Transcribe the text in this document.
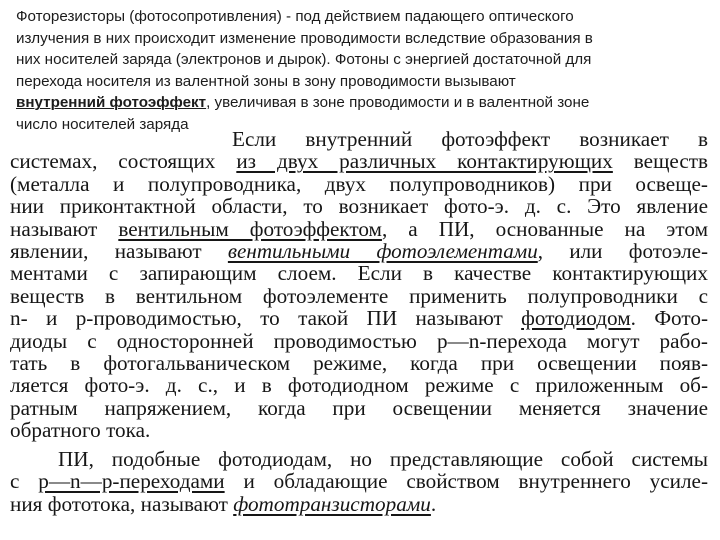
Фоторезисторы (фотосопротивления) - под действием падающего оптического
излучения в них происходит изменение проводимости вследствие образования в
них носителей заряда (электронов и дырок). Фотоны с энергией достаточной для
перехода носителя из валентной зоны в зону проводимости вызывают
внутренний фотоэффект, увеличивая в зоне проводимости и в валентной зоне
число носителей заряда
Если внутренний фотоэффект возникает в
системах, состоящих из двух различных контактирующих веществ
(металла и полупроводника, двух полупроводников) при освеще-
нии приконтактной области, то возникает фото-э. д. с. Это явление
называют вентильным фотоэффектом, а ПИ, основанные на этом
явлении, называют вентильными фотоэлементами, или фотоэле-
ментами с запирающим слоем. Если в качестве контактирующих
веществ в вентильном фотоэлементе применить полупроводники с
n- и p-проводимостью, то такой ПИ называют фотодиодом. Фото-
диоды с односторонней проводимостью p—n-перехода могут рабо-
тать в фотогальваническом режиме, когда при освещении появ-
ляется фото-э. д. с., и в фотодиодном режиме с приложенным об-
ратным напряжением, когда при освещении меняется значение
обратного тока.
ПИ, подобные фотодиодам, но представляющие собой системы
с p—n—p-переходами и обладающие свойством внутреннего усиле-
ния фототока, называют фототранзисторами.
